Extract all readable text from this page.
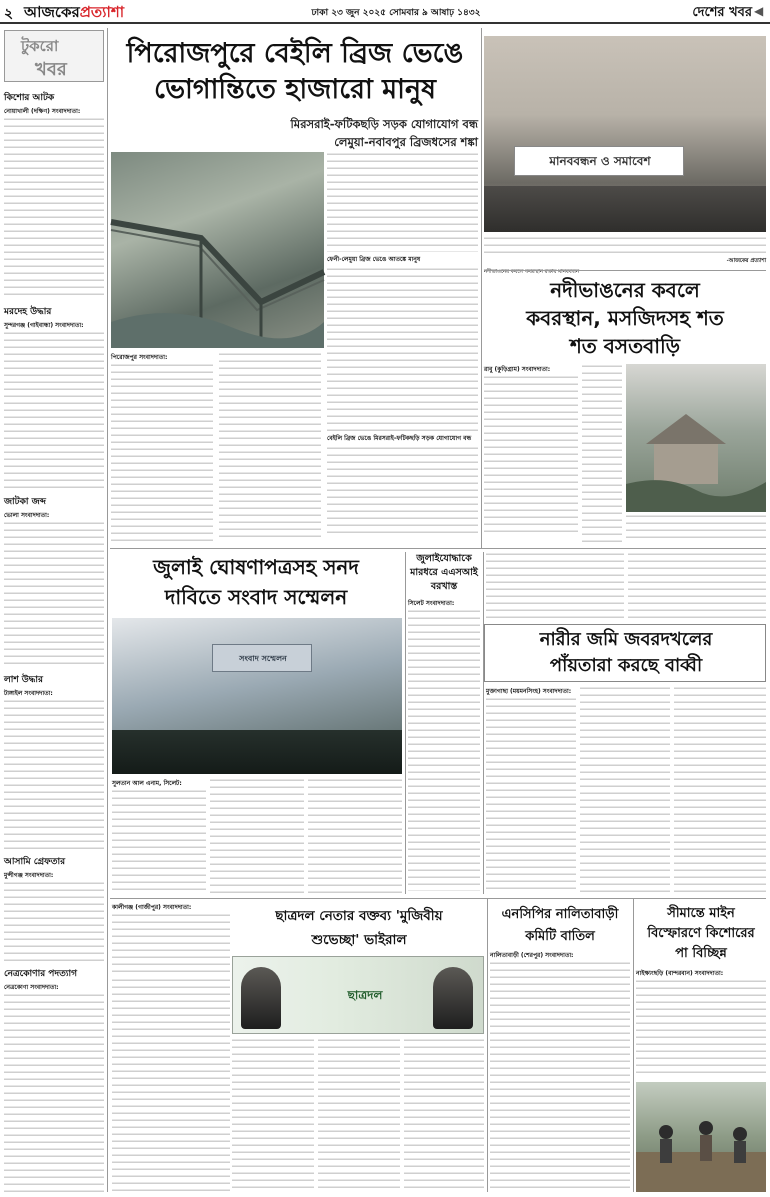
২ আজকেরপ্রত্যাশা	ঢাকা ২৩ জুন ২০২৫ সোমবার ৯ আষাঢ় ১৪৩২	দেশের খবর ◀
টুকরো
খবর
কিশোর আটক
নোয়াখালী (দক্ষিণ) সংবাদদাতা:
মরদেহ উদ্ধার
সুন্দরগঞ্জ (গাইবান্ধা) সংবাদদাতা:
জাটকা জব্দ
ভোলা সংবাদদাতা:
লাশ উদ্ধার
টাঙ্গাইল সংবাদদাতা:
আসামি গ্রেফতার
মুন্সীগঞ্জ সংবাদদাতা:
নেত্রকোণার পদত্যাগ
নেত্রকোণা সংবাদদাতা:
পিরোজপুরে বেইলি ব্রিজ ভেঙে
ভোগান্তিতে হাজারো মানুষ
মিরসরাই-ফটিকছড়ি সড়ক যোগাযোগ বন্ধ
লেমুয়া-নবাবপুর ব্রিজধসের শঙ্কা
পিরোজপুর সংবাদদাতা:
ফেনী-লেমুয়া ব্রিজ ভেঙে আতঙ্কে মানুষ
বেইলি ব্রিজ ভেঙে মিরসরাই-ফটিকছড়ি সড়ক যোগাযোগ বন্ধ
মানববন্ধন ও সমাবেশ
নদীভাঙনের কবলে কবরস্থান রক্ষায় মানববন্ধন
-আজকের প্রত্যাশা
নদীভাঙনের কবলে
কবরস্থান, মসজিদসহ শত
শত বসতবাড়ি
রাবু (কুড়িগ্রাম) সংবাদদাতা:
জুলাই ঘোষণাপত্রসহ সনদ
দাবিতে সংবাদ সম্মেলন
সংবাদ সম্মেলন
সুলতান আল এনাম, সিলেট:
জুলাইযোদ্ধাকে
মারধরে এএসআই
বরখাস্ত
সিলেট সংবাদদাতা:
নারীর জমি জবরদখলের
পাঁয়তারা করছে বাব্বী
মুক্তাগাছা (ময়মনসিংহ) সংবাদদাতা:
কালীগঞ্জ (গাজীপুর) সংবাদদাতা:
ছাত্রদল নেতার বক্তব্য 'মুজিবীয়
শুভেচ্ছা' ভাইরাল
ছাত্রদল
এনসিপির নালিতাবাড়ী
কমিটি বাতিল
নালিতাবাড়ী (শেরপুর) সংবাদদাতা:
সীমান্তে মাইন
বিস্ফোরণে কিশোরের
পা বিচ্ছিন্ন
নাইক্ষ্যংছড়ি (বান্দরবান) সংবাদদাতা:
